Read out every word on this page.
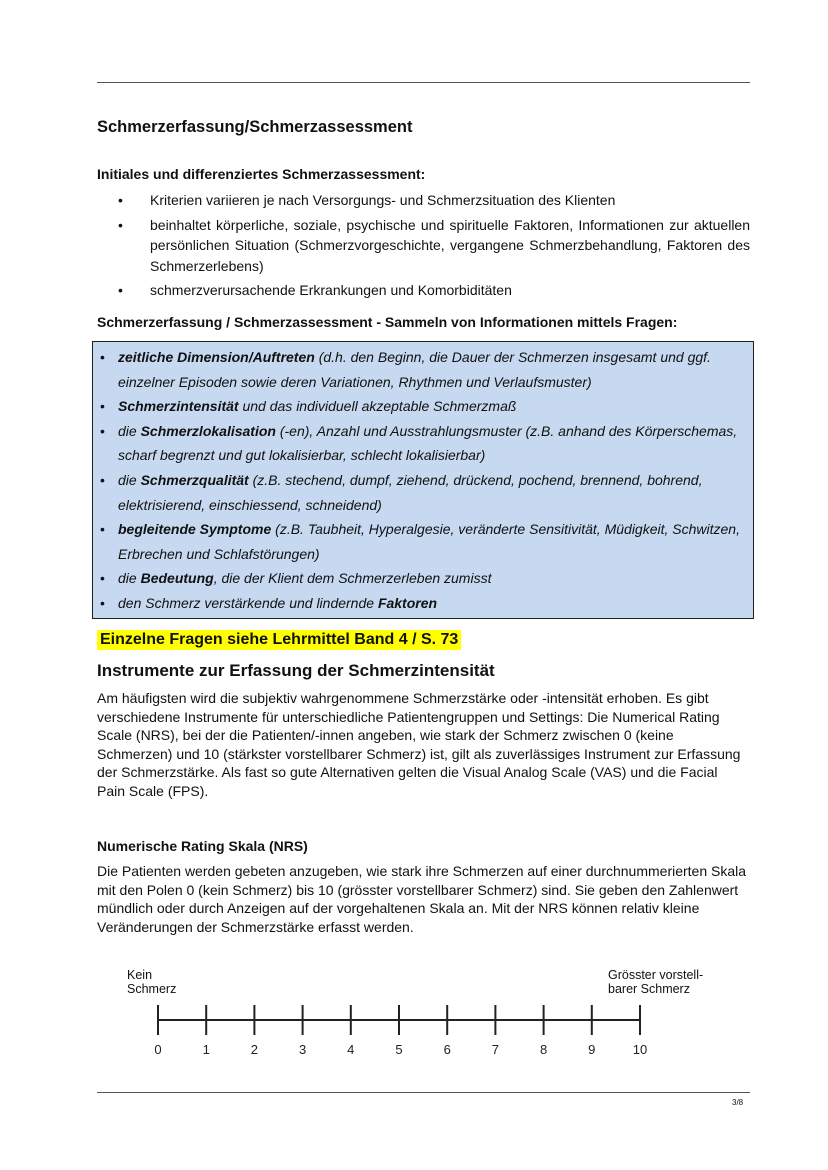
Schmerzerfassung/Schmerzassessment
Initiales und differenziertes Schmerzassessment:
• Kriterien variieren je nach Versorgungs- und Schmerzsituation des Klienten
• beinhaltet körperliche, soziale, psychische und spirituelle Faktoren, Informationen zur aktuellen persönlichen Situation (Schmerzvorgeschichte, vergangene Schmerzbehandlung, Faktoren des Schmerzerlebens)
• schmerzverursachende Erkrankungen und Komorbiditäten
Schmerzerfassung / Schmerzassessment - Sammeln von Informationen mittels Fragen:
• zeitliche Dimension/Auftreten (d.h. den Beginn, die Dauer der Schmerzen insgesamt und ggf. einzelner Episoden sowie deren Variationen, Rhythmen und Verlaufsmuster)
• Schmerzintensität und das individuell akzeptable Schmerzmaß
• die Schmerzlokalisation (-en), Anzahl und Ausstrahlungsmuster (z.B. anhand des Körperschemas, scharf begrenzt und gut lokalisierbar, schlecht lokalisierbar)
• die Schmerzqualität (z.B. stechend, dumpf, ziehend, drückend, pochend, brennend, bohrend, elektrisierend, einschiessend, schneidend)
• begleitende Symptome (z.B. Taubheit, Hyperalgesie, veränderte Sensitivität, Müdigkeit, Schwitzen, Erbrechen und Schlafstörungen)
• die Bedeutung, die der Klient dem Schmerzerleben zumisst
• den Schmerz verstärkende und lindernde Faktoren
Einzelne Fragen siehe Lehrmittel Band 4 / S. 73
Instrumente zur Erfassung der Schmerzintensität
Am häufigsten wird die subjektiv wahrgenommene Schmerzstärke oder -intensität erhoben. Es gibt verschiedene Instrumente für unterschiedliche Patientengruppen und Settings: Die Numerical Rating Scale (NRS), bei der die Patienten/-innen angeben, wie stark der Schmerz zwischen 0 (keine Schmerzen) und 10 (stärkster vorstellbarer Schmerz) ist, gilt als zuverlässiges Instrument zur Erfassung der Schmerzstärke. Als fast so gute Alternativen gelten die Visual Analog Scale (VAS) und die Facial Pain Scale (FPS).
Numerische Rating Skala (NRS)
Die Patienten werden gebeten anzugeben, wie stark ihre Schmerzen auf einer durchnummerierten Skala mit den Polen 0 (kein Schmerz) bis 10 (grösster vorstellbarer Schmerz) sind. Sie geben den Zahlenwert mündlich oder durch Anzeigen auf der vorgehaltenen Skala an. Mit der NRS können relativ kleine Veränderungen der Schmerzstärke erfasst werden.
Kein
Schmerz
Grösster vorstell-
barer Schmerz
0	1	2	3	4	5	6	7	8	9	10
3/8
